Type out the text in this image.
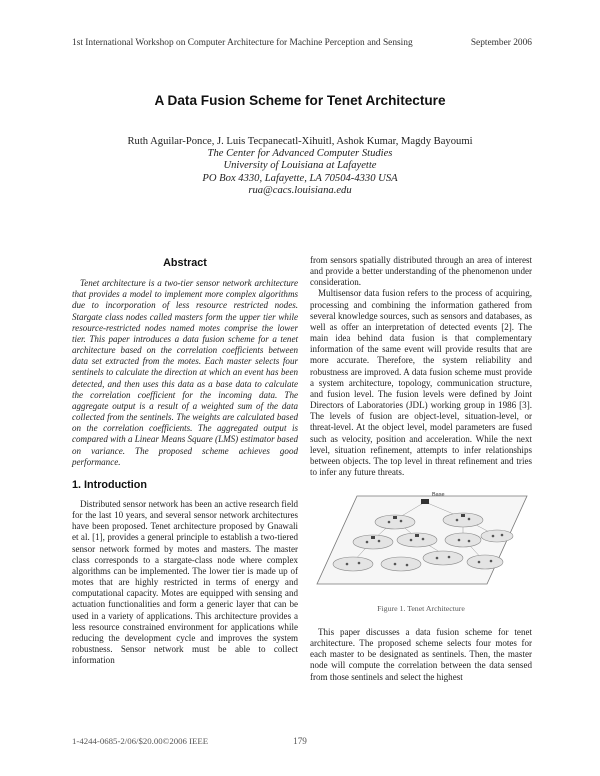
1st International Workshop on Computer Architecture for Machine Perception and Sensing	September 2006
A Data Fusion Scheme for Tenet Architecture
Ruth Aguilar-Ponce, J. Luis Tecpanecatl-Xihuitl, Ashok Kumar, Magdy Bayoumi
The Center for Advanced Computer Studies
University of Louisiana at Lafayette
PO Box 4330, Lafayette, LA 70504-4330 USA
rua@cacs.louisiana.edu
Abstract

Tenet architecture is a two-tier sensor network architecture that provides a model to implement more complex algorithms due to incorporation of less resource restricted nodes. Stargate class nodes called masters form the upper tier while resource-restricted nodes named motes comprise the lower tier. This paper introduces a data fusion scheme for a tenet architecture based on the correlation coefficients between data set extracted from the motes. Each master selects four sentinels to calculate the direction at which an event has been detected, and then uses this data as a base data to calculate the correlation coefficient for the incoming data. The aggregate output is a result of a weighted sum of the data collected from the sentinels. The weights are calculated based on the correlation coefficients. The aggregated output is compared with a Linear Means Square (LMS) estimator based on variance. The proposed scheme achieves good performance.

1. Introduction

Distributed sensor network has been an active research field for the last 10 years, and several sensor network architectures have been proposed. Tenet architecture proposed by Gnawali et al. [1], provides a general principle to establish a two-tiered sensor network formed by motes and masters. The master class corresponds to a stargate-class node where complex algorithms can be implemented. The lower tier is made up of motes that are highly restricted in terms of energy and computational capacity. Motes are equipped with sensing and actuation functionalities and form a generic layer that can be used in a variety of applications. This architecture provides a less resource constrained environment for applications while reducing the development cycle and improves the system robustness. Sensor network must be able to collect information

from sensors spatially distributed through an area of interest and provide a better understanding of the phenomenon under consideration.

Multisensor data fusion refers to the process of acquiring, processing and combining the information gathered from several knowledge sources, such as sensors and databases, as well as offer an interpretation of detected events [2]. The main idea behind data fusion is that complementary information of the same event will provide results that are more accurate. Therefore, the system reliability and robustness are improved. A data fusion scheme must provide a system architecture, topology, communication structure, and fusion level. The fusion levels were defined by Joint Directors of Laboratories (JDL) working group in 1986 [3]. The levels of fusion are object-level, situation-level, or threat-level. At the object level, model parameters are fused such as velocity, position and acceleration. While the next level, situation refinement, attempts to infer relationships between objects. The top level in threat refinement and tries to infer any future threats.

Base
Figure 1. Tenet Architecture

This paper discusses a data fusion scheme for tenet architecture. The proposed scheme selects four motes for each master to be designated as sentinels. Then, the master node will compute the correlation between the data sensed from those sentinels and select the highest

1-4244-0685-2/06/$20.00©2006 IEEE	179
